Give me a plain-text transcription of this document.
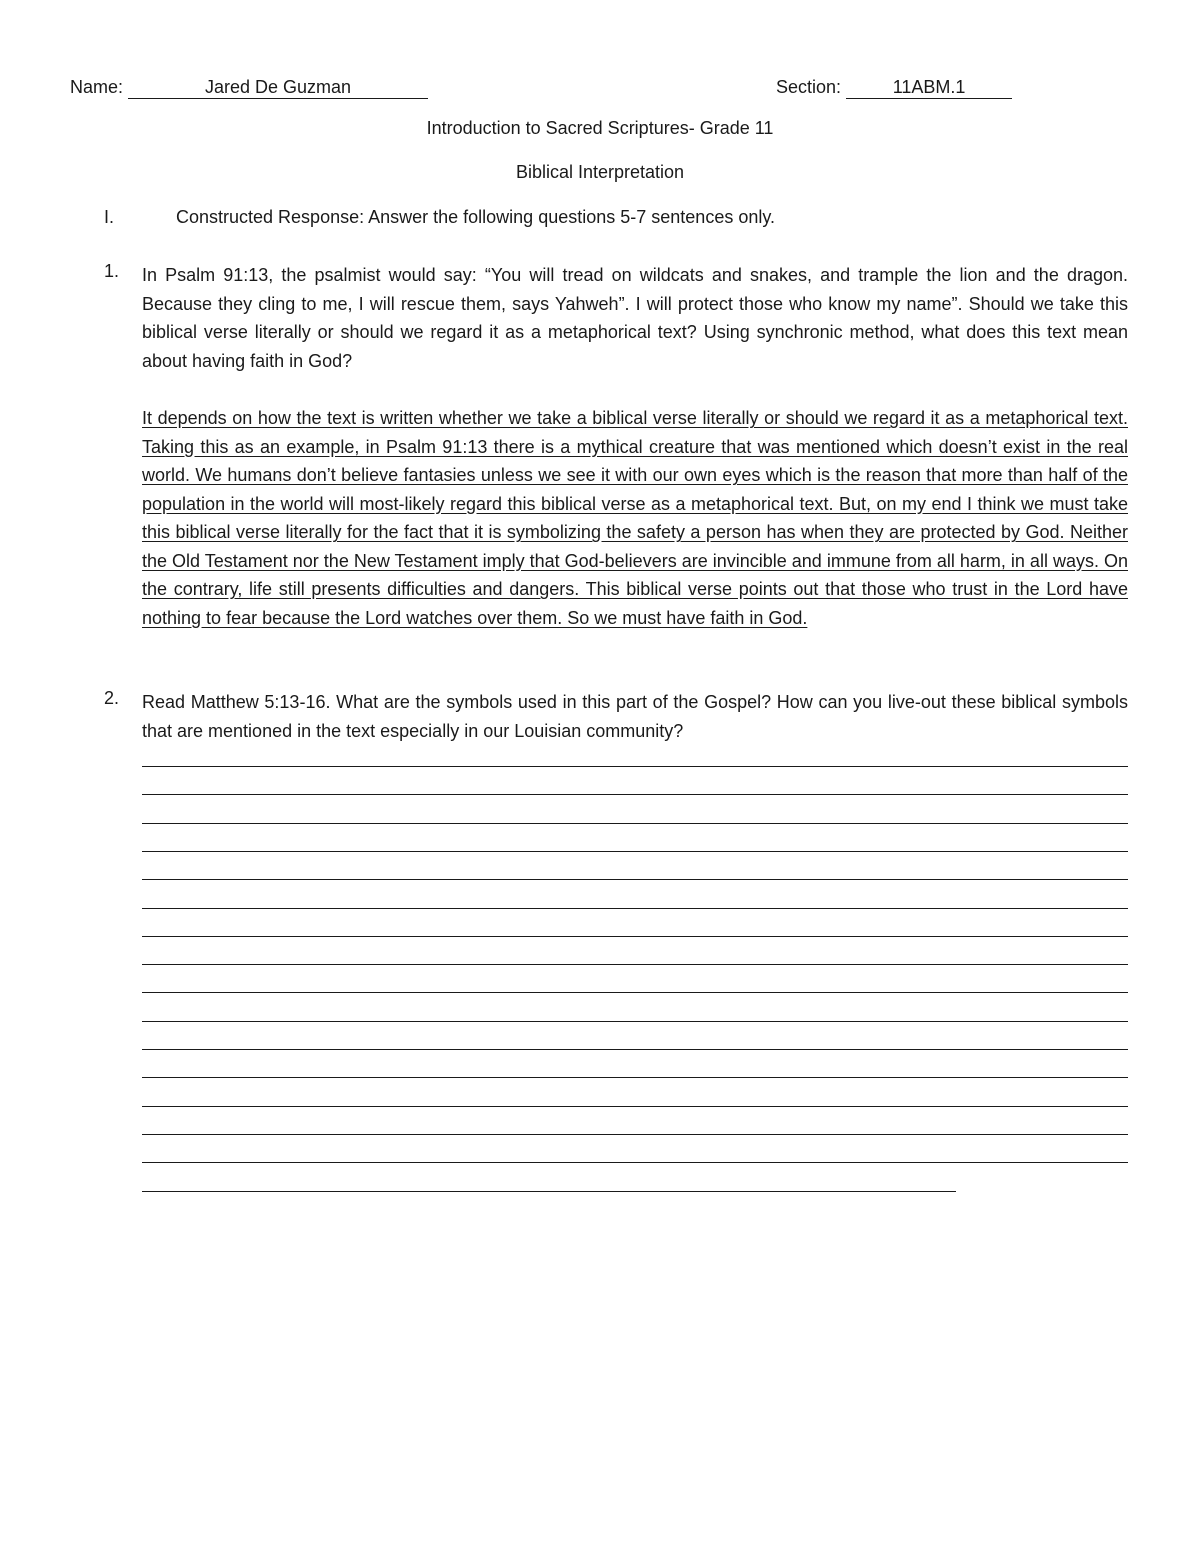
Name:	Jared De Guzman	Section:	11ABM.1
Introduction to Sacred Scriptures- Grade 11
Biblical Interpretation
I.	Constructed Response: Answer the following questions 5-7 sentences only.
1. In Psalm 91:13, the psalmist would say: “You will tread on wildcats and snakes, and trample the lion and the dragon. Because they cling to me, I will rescue them, says Yahweh”. I will protect those who know my name”. Should we take this biblical verse literally or should we regard it as a metaphorical text? Using synchronic method, what does this text mean about having faith in God?
It depends on how the text is written whether we take a biblical verse literally or should we regard it as a metaphorical text. Taking this as an example, in Psalm 91:13 there is a mythical creature that was mentioned which doesn’t exist in the real world. We humans don’t believe fantasies unless we see it with our own eyes which is the reason that more than half of the population in the world will most-likely regard this biblical verse as a metaphorical text. But, on my end I think we must take this biblical verse literally for the fact that it is symbolizing the safety a person has when they are protected by God. Neither the Old Testament nor the New Testament imply that God-believers are invincible and immune from all harm, in all ways. On the contrary, life still presents difficulties and dangers. This biblical verse points out that those who trust in the Lord have nothing to fear because the Lord watches over them. So we must have faith in God.
2. Read Matthew 5:13-16. What are the symbols used in this part of the Gospel? How can you live-out these biblical symbols that are mentioned in the text especially in our Louisian community?
